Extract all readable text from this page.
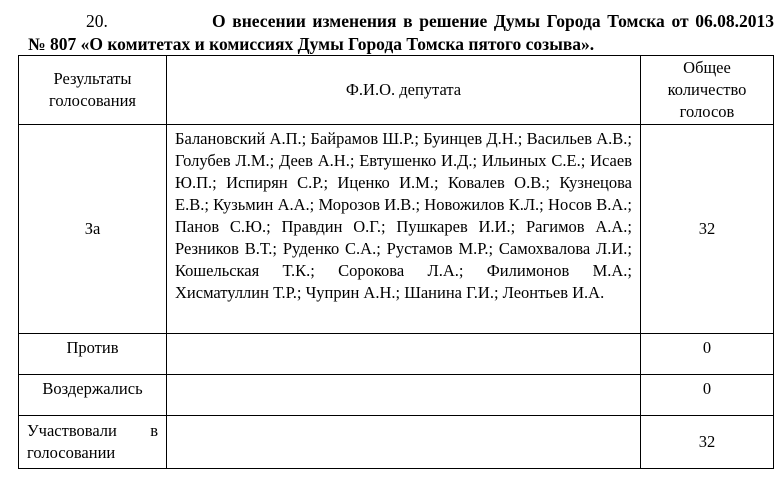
20.	О внесении изменения в решение Думы Города Томска от 06.08.2013
№ 807 «О комитетах и комиссиях Думы Города Томска пятого созыва».
Результаты голосования	Ф.И.О. депутата	Общее количество голосов
За	Балановский А.П.; Байрамов Ш.Р.; Буинцев Д.Н.; Васильев А.В.; Голубев Л.М.; Деев А.Н.; Евтушенко И.Д.; Ильиных С.Е.; Исаев Ю.П.; Испирян С.Р.; Иценко И.М.; Ковалев О.В.; Кузнецова Е.В.; Кузьмин А.А.; Морозов И.В.; Новожилов К.Л.; Носов В.А.; Панов С.Ю.; Правдин О.Г.; Пушкарев И.И.; Рагимов А.А.; Резников В.Т.; Руденко С.А.; Рустамов М.Р.; Самохвалова Л.И.; Кошельская Т.К.; Сорокова Л.А.; Филимонов М.А.; Хисматуллин Т.Р.; Чуприн А.Н.; Шанина Г.И.; Леонтьев И.А.	32
Против		0
Воздержались		0
Участвовали в голосовании		32
